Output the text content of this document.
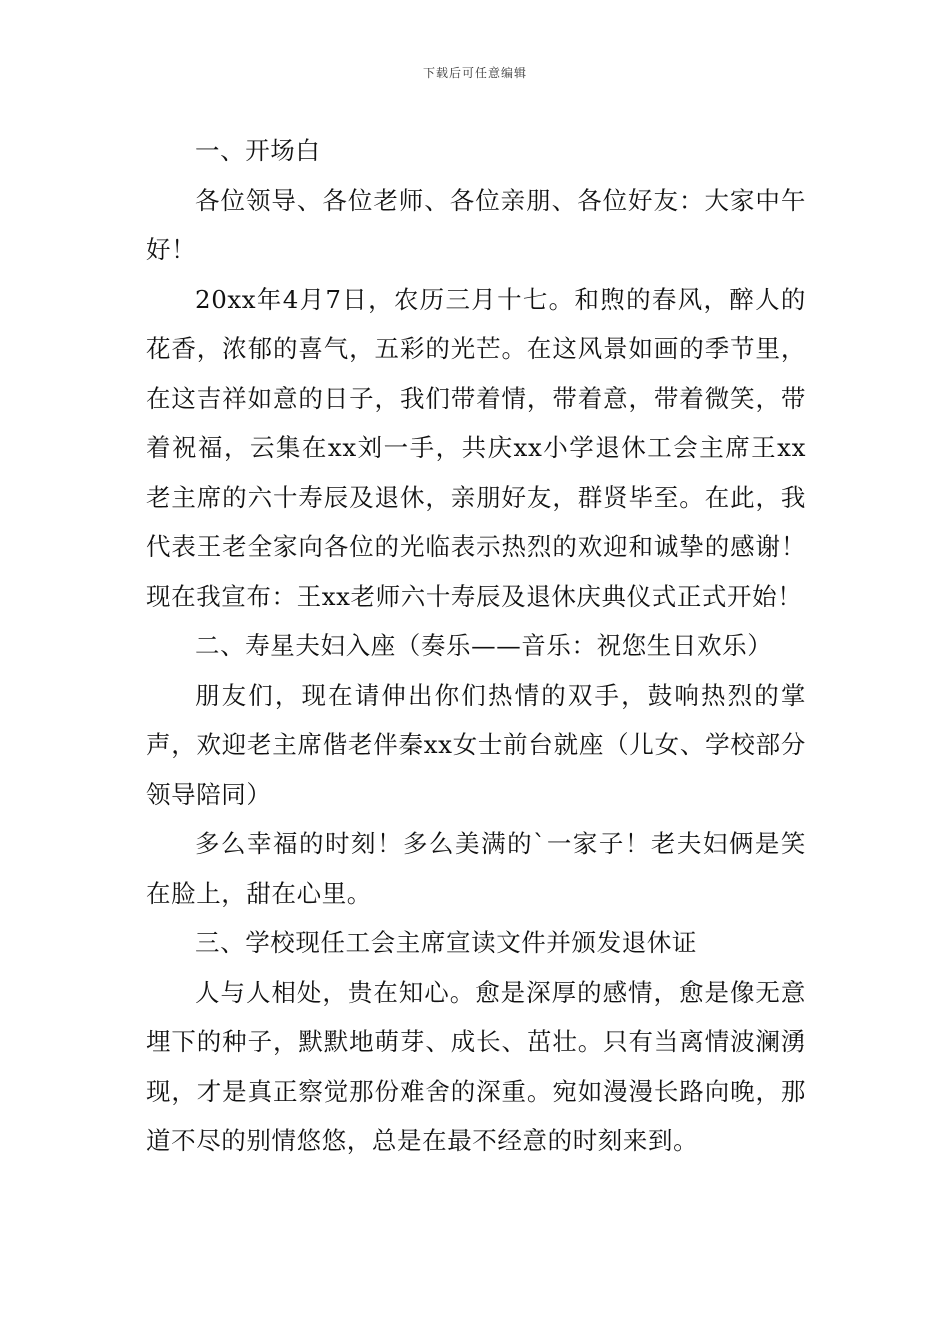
下载后可任意编辑

一、开场白

各位领导、各位老师、各位亲朋、各位好友：大家中午好！

20xx年4月7日，农历三月十七。和煦的春风，醉人的花香，浓郁的喜气，五彩的光芒。在这风景如画的季节里，在这吉祥如意的日子，我们带着情，带着意，带着微笑，带着祝福，云集在xx刘一手，共庆xx小学退休工会主席王xx老主席的六十寿辰及退休，亲朋好友，群贤毕至。在此，我代表王老全家向各位的光临表示热烈的欢迎和诚挚的感谢！现在我宣布：王xx老师六十寿辰及退休庆典仪式正式开始！

二、寿星夫妇入座（奏乐——音乐：祝您生日欢乐）

朋友们，现在请伸出你们热情的双手，鼓响热烈的掌声，欢迎老主席偕老伴秦xx女士前台就座（儿女、学校部分领导陪同）

多么幸福的时刻！多么美满的`一家子！老夫妇俩是笑在脸上，甜在心里。

三、学校现任工会主席宣读文件并颁发退休证

人与人相处，贵在知心。愈是深厚的感情，愈是像无意埋下的种子，默默地萌芽、成长、茁壮。只有当离情波澜湧现，才是真正察觉那份难舍的深重。宛如漫漫长路向晚，那道不尽的别情悠悠，总是在最不经意的时刻来到。
